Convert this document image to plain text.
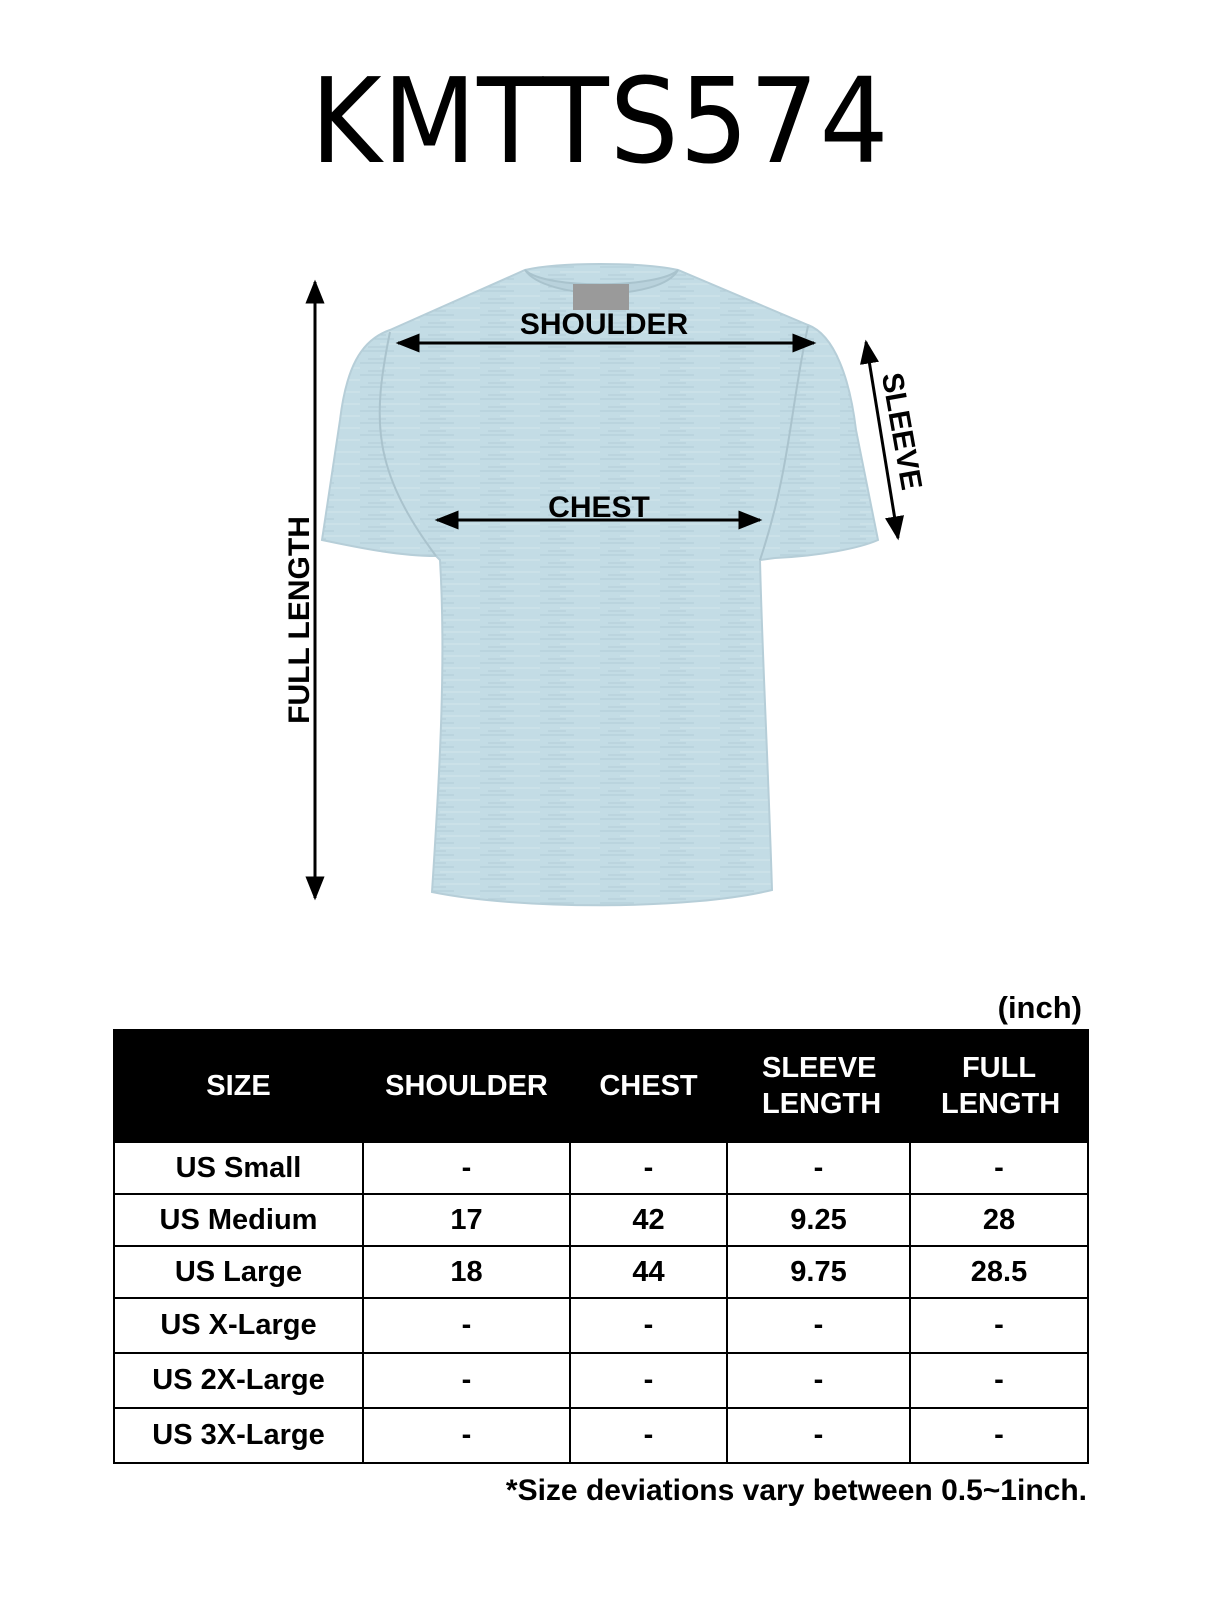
KMTTS574
SHOULDER
CHEST
FULL LENGTH
SLEEVE
(inch)
SIZE	SHOULDER	CHEST	SLEEVE LENGTH	FULL LENGTH
US Small	-	-	-	-
US Medium	17	42	9.25	28
US Large	18	44	9.75	28.5
US X-Large	-	-	-	-
US 2X-Large	-	-	-	-
US 3X-Large	-	-	-	-
*Size deviations vary between 0.5~1inch.
